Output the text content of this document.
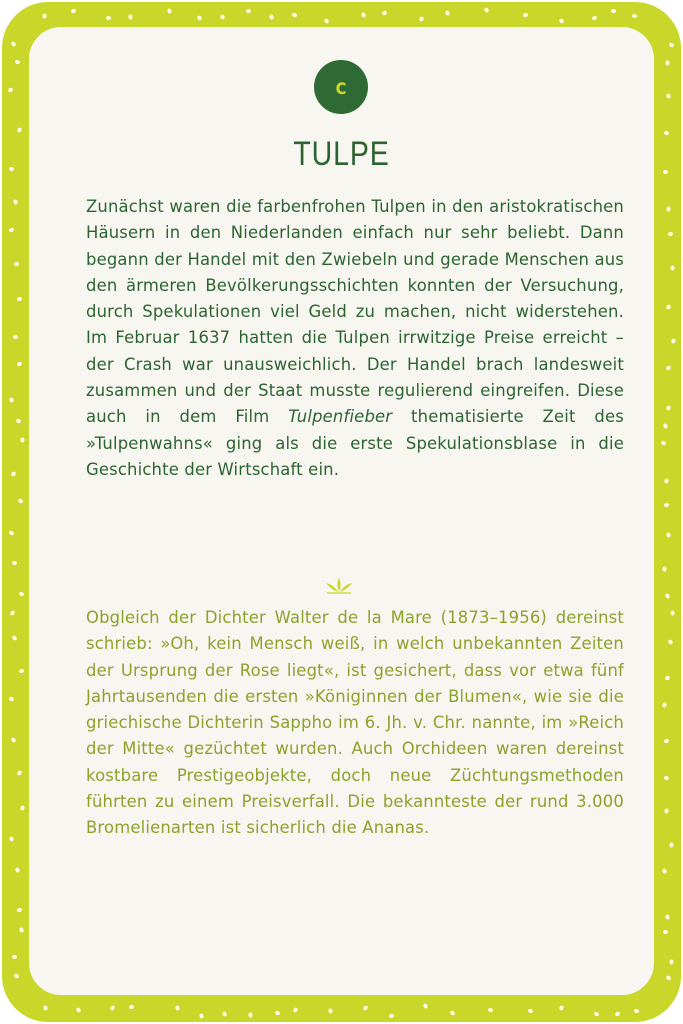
c
TULPE

Zunächst waren die farbenfrohen Tulpen in den aristokratischen Häusern in den Niederlanden einfach nur sehr beliebt. Dann begann der Handel mit den Zwiebeln und gerade Menschen aus den ärmeren Bevölkerungsschichten konnten der Versuchung, durch Spekulationen viel Geld zu machen, nicht widerstehen. Im Februar 1637 hatten die Tulpen irrwitzige Preise erreicht – der Crash war unausweichlich. Der Handel brach landesweit zusammen und der Staat musste regulierend eingreifen. Diese auch in dem Film Tulpenfieber thematisierte Zeit des »Tulpenwahns« ging als die erste Spekulationsblase in die Geschichte der Wirtschaft ein.

Obgleich der Dichter Walter de la Mare (1873–1956) dereinst schrieb: »Oh, kein Mensch weiß, in welch unbekannten Zeiten der Ursprung der Rose liegt«, ist gesichert, dass vor etwa fünf Jahrtausenden die ersten »Königinnen der Blumen«, wie sie die griechische Dichterin Sappho im 6. Jh. v. Chr. nannte, im »Reich der Mitte« gezüchtet wurden. Auch Orchideen waren dereinst kostbare Prestigeobjekte, doch neue Züchtungsmethoden führten zu einem Preisverfall. Die bekannteste der rund 3.000 Bromelienarten ist sicherlich die Ananas.
